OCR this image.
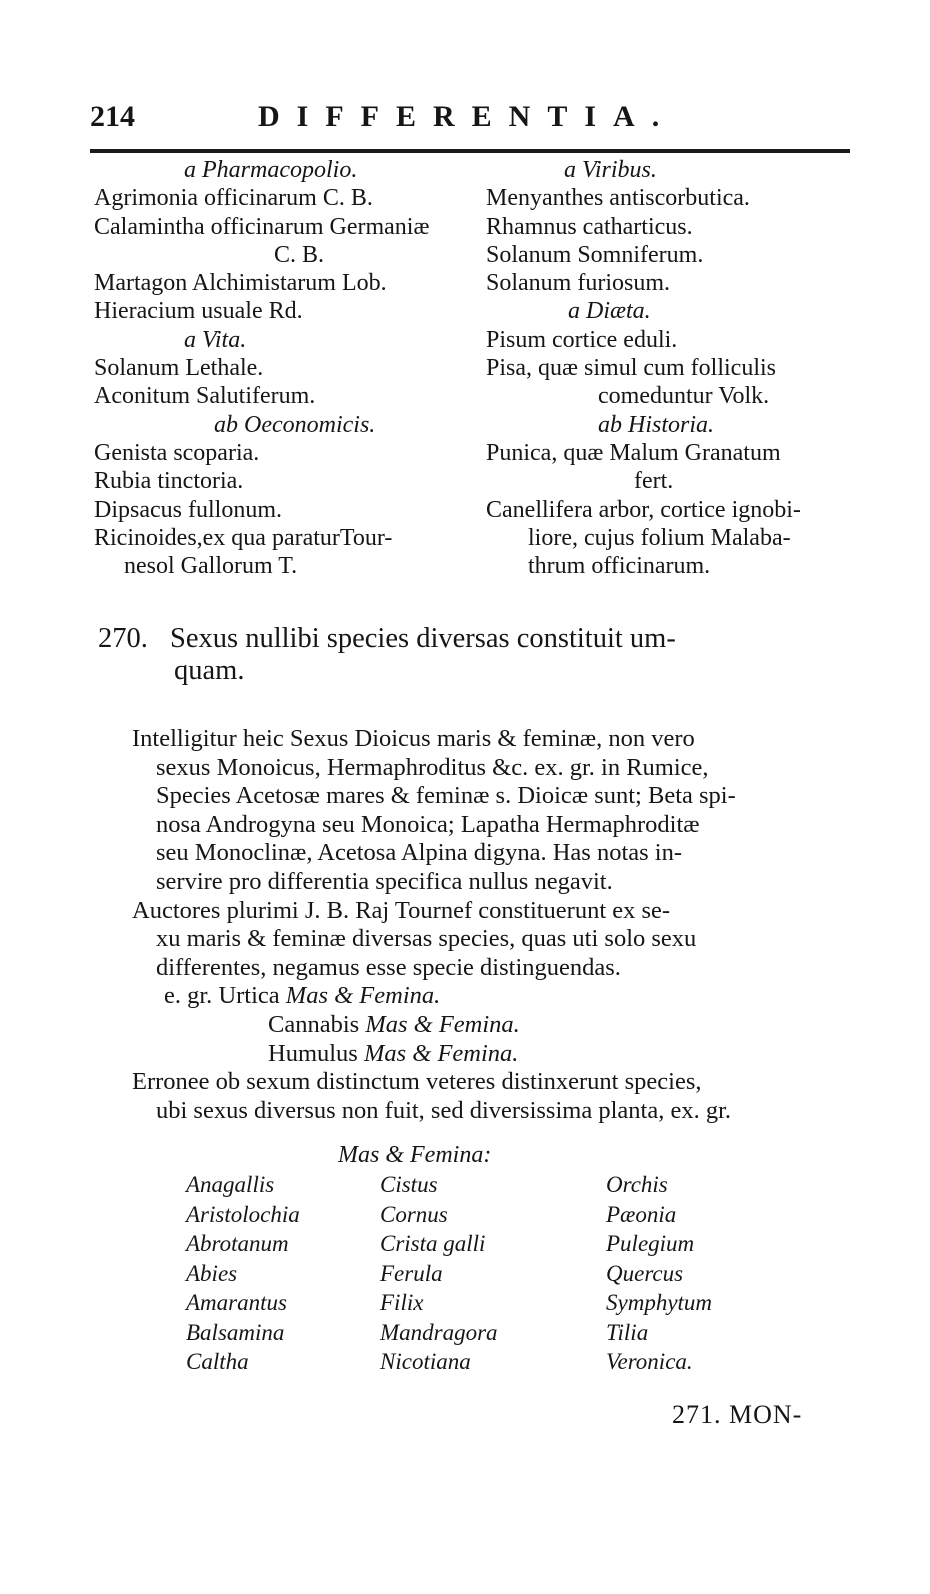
214	DIFFERENTIA.
a Pharmacopolio.
Agrimonia officinarum C. B.
Calamintha officinarum Germaniæ
C. B.
Martagon Alchimistarum Lob.
Hieracium usuale Rd.
a Vita.
Solanum Lethale.
Aconitum Salutiferum.
ab Oeconomicis.
Genista scoparia.
Rubia tinctoria.
Dipsacus fullonum.
Ricinoides,ex qua paraturTour-
nesol Gallorum T.
a Viribus.
Menyanthes antiscorbutica.
Rhamnus catharticus.
Solanum Somniferum.
Solanum furiosum.
a Diæta.
Pisum cortice eduli.
Pisa, quæ simul cum folliculis
comeduntur Volk.
ab Historia.
Punica, quæ Malum Granatum
fert.
Canellifera arbor, cortice ignobi-
liore, cujus folium Malaba-
thrum officinarum.
270. Sexus nullibi species diversas constituit um-
quam.
Intelligitur heic Sexus Dioicus maris & feminæ, non vero
sexus Monoicus, Hermaphroditus &c. ex. gr. in Rumice,
Species Acetosæ mares & feminæ s. Dioicæ sunt; Beta spi-
nosa Androgyna seu Monoica; Lapatha Hermaphroditæ
seu Monoclinæ, Acetosa Alpina digyna. Has notas in-
servire pro differentia specifica nullus negavit.
Auctores plurimi J. B. Raj Tournef constituerunt ex se-
xu maris & feminæ diversas species, quas uti solo sexu
differentes, negamus esse specie distinguendas.
e. gr. Urtica Mas & Femina.
Cannabis Mas & Femina.
Humulus Mas & Femina.
Erronee ob sexum distinctum veteres distinxerunt species,
ubi sexus diversus non fuit, sed diversissima planta, ex. gr.
Mas & Femina:
Anagallis
Aristolochia
Abrotanum
Abies
Amarantus
Balsamina
Caltha
Cistus
Cornus
Crista galli
Ferula
Filix
Mandragora
Nicotiana
Orchis
Pæonia
Pulegium
Quercus
Symphytum
Tilia
Veronica.
271. MON-
